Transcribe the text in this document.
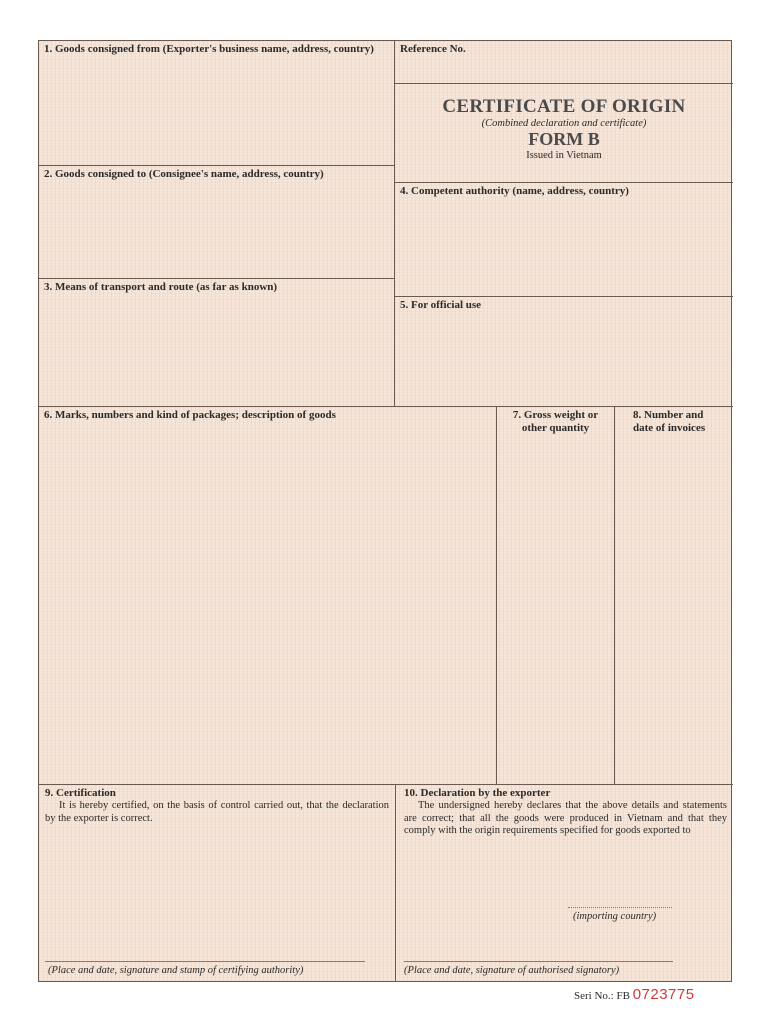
1. Goods consigned from (Exporter's business name, address, country)	Reference No.
CERTIFICATE OF ORIGIN
(Combined declaration and certificate)
FORM B
Issued in Vietnam
2. Goods consigned to (Consignee's name, address, country)
4. Competent authority (name, address, country)
3. Means of transport and route (as far as known)
5. For official use
6. Marks, numbers and kind of packages; description of goods	7. Gross weight or other quantity
8. Number and date of invoices
9. Certification
It is hereby certified, on the basis of control carried out, that the declaration by the exporter is correct.
(Place and date, signature and stamp of certifying authority)
10. Declaration by the exporter
The undersigned hereby declares that the above details and statements are correct; that all the goods were produced in Vietnam and that they comply with the origin requirements specified for goods exported to
(importing country)
(Place and date, signature of authorised signatory)
Seri No.: FB 0723775
